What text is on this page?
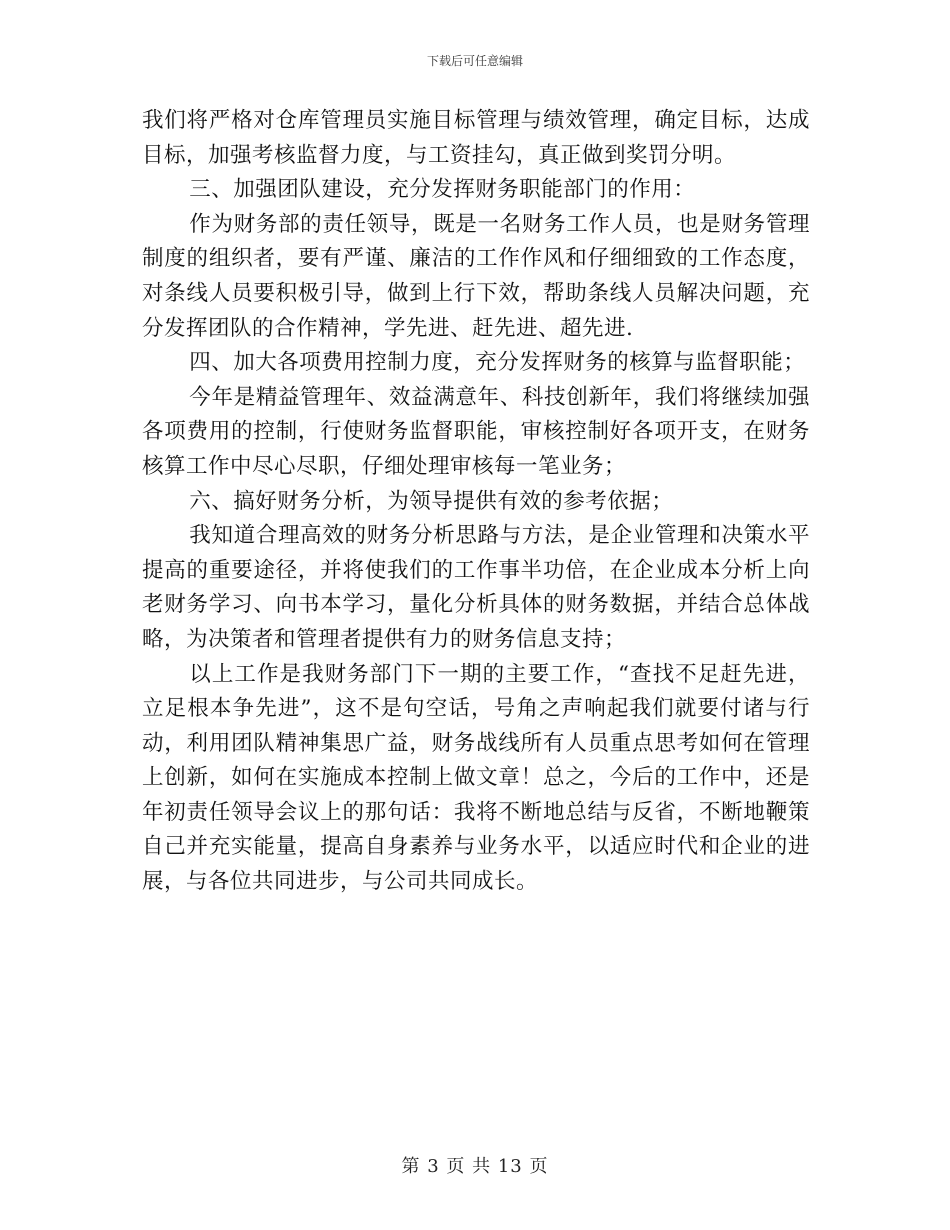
下载后可任意编辑

我们将严格对仓库管理员实施目标管理与绩效管理，确定目标，达成目标，加强考核监督力度，与工资挂勾，真正做到奖罚分明。

三、加强团队建设，充分发挥财务职能部门的作用：

作为财务部的责任领导，既是一名财务工作人员，也是财务管理制度的组织者，要有严谨、廉洁的工作作风和仔细细致的工作态度，对条线人员要积极引导，做到上行下效，帮助条线人员解决问题，充分发挥团队的合作精神，学先进、赶先进、超先进.

四、加大各项费用控制力度，充分发挥财务的核算与监督职能；

今年是精益管理年、效益满意年、科技创新年，我们将继续加强各项费用的控制，行使财务监督职能，审核控制好各项开支，在财务核算工作中尽心尽职，仔细处理审核每一笔业务；

六、搞好财务分析，为领导提供有效的参考依据；

我知道合理高效的财务分析思路与方法，是企业管理和决策水平提高的重要途径，并将使我们的工作事半功倍，在企业成本分析上向老财务学习、向书本学习，量化分析具体的财务数据，并结合总体战略，为决策者和管理者提供有力的财务信息支持；

以上工作是我财务部门下一期的主要工作，“查找不足赶先进，立足根本争先进”，这不是句空话，号角之声响起我们就要付诸与行动，利用团队精神集思广益，财务战线所有人员重点思考如何在管理上创新，如何在实施成本控制上做文章！总之，今后的工作中，还是年初责任领导会议上的那句话：我将不断地总结与反省，不断地鞭策自己并充实能量，提高自身素养与业务水平，以适应时代和企业的进展，与各位共同进步，与公司共同成长。

第 3 页 共 13 页
